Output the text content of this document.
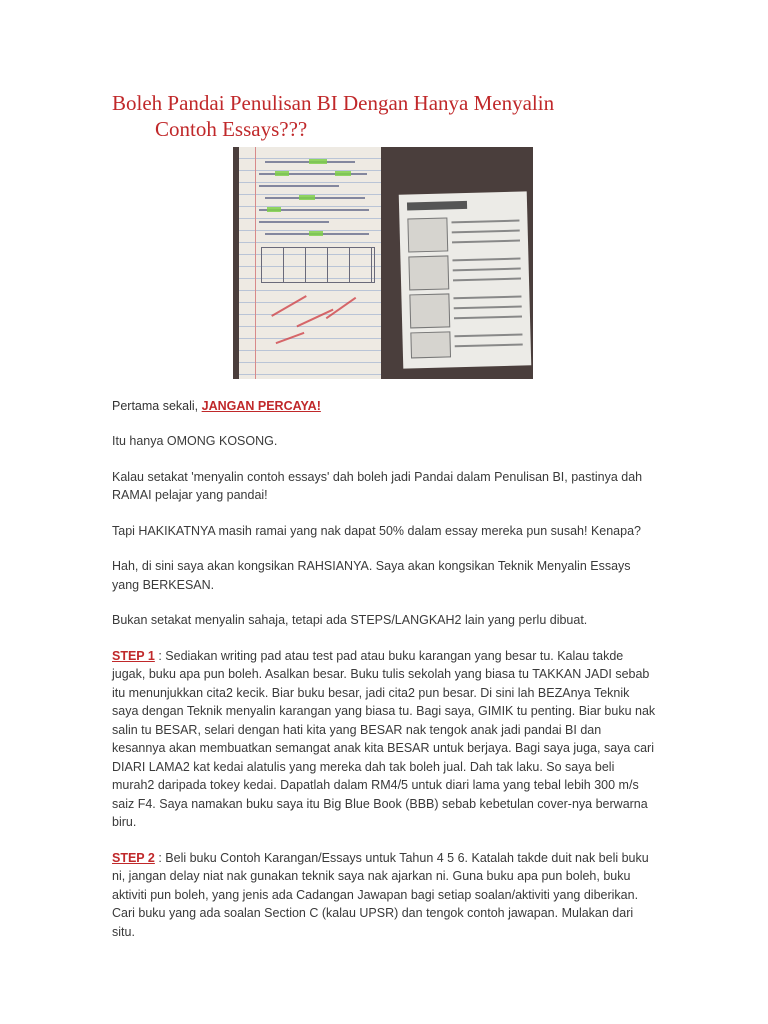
Boleh Pandai Penulisan BI Dengan Hanya Menyalin
Contoh Essays???
Pertama sekali, JANGAN PERCAYA!

Itu hanya OMONG KOSONG.

Kalau setakat 'menyalin contoh essays' dah boleh jadi Pandai dalam Penulisan BI, pastinya dah RAMAI pelajar yang pandai!

Tapi HAKIKATNYA masih ramai yang nak dapat 50% dalam essay mereka pun susah! Kenapa?

Hah, di sini saya akan kongsikan RAHSIANYA. Saya akan kongsikan Teknik Menyalin Essays yang BERKESAN.

Bukan setakat menyalin sahaja, tetapi ada STEPS/LANGKAH2 lain yang perlu dibuat.

STEP 1 : Sediakan writing pad atau test pad atau buku karangan yang besar tu. Kalau takde jugak, buku apa pun boleh. Asalkan besar. Buku tulis sekolah yang biasa tu TAKKAN JADI sebab itu menunjukkan cita2 kecik. Biar buku besar, jadi cita2 pun besar. Di sini lah BEZAnya Teknik saya dengan Teknik menyalin karangan yang biasa tu. Bagi saya, GIMIK tu penting. Biar buku nak salin tu BESAR, selari dengan hati kita yang BESAR nak tengok anak jadi pandai BI dan kesannya akan membuatkan semangat anak kita BESAR untuk berjaya. Bagi saya juga, saya cari DIARI LAMA2 kat kedai alatulis yang mereka dah tak boleh jual. Dah tak laku. So saya beli murah2 daripada tokey kedai. Dapatlah dalam RM4/5 untuk diari lama yang tebal lebih 300 m/s saiz F4. Saya namakan buku saya itu Big Blue Book (BBB) sebab kebetulan cover-nya berwarna biru.

STEP 2 : Beli buku Contoh Karangan/Essays untuk Tahun 4 5 6. Katalah takde duit nak beli buku ni, jangan delay niat nak gunakan teknik saya nak ajarkan ni. Guna buku apa pun boleh, buku aktiviti pun boleh, yang jenis ada Cadangan Jawapan bagi setiap soalan/aktiviti yang diberikan. Cari buku yang ada soalan Section C (kalau UPSR) dan tengok contoh jawapan. Mulakan dari situ.
